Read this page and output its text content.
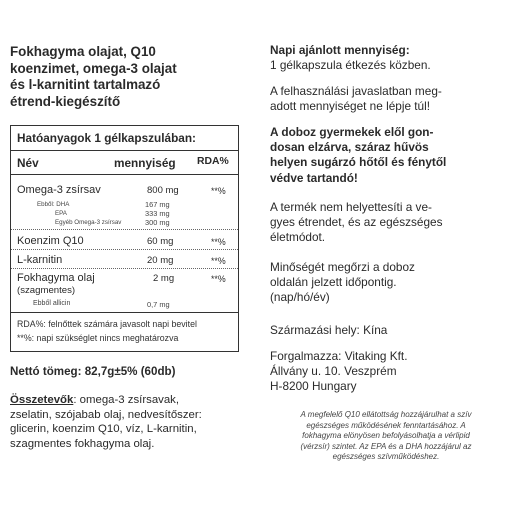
Fokhagyma olajat, Q10
koenzimet, omega-3 olajat
és l-karnitint tartalmazó
étrend-kiegészítő
Hatóanyagok 1 gélkapszulában:
Név	mennyiség RDA%
Omega-3 zsírsav	800 mg	**%
Ebből: DHA	167 mg
EPA	333 mg
Egyéb Omega-3 zsírsav	300 mg
Koenzim Q10	60 mg	**%
L-karnitin	20 mg	**%
Fokhagyma olaj	2 mg	**%
(szagmentes)
Ebből allicin	0,7 mg
RDA%: felnőttek számára javasolt napi bevitel
**%: napi szükséglet nincs meghatározva
Nettó tömeg: 82,7g±5% (60db)
Összetevők: omega-3 zsírsavak,
zselatin, szójabab olaj, nedvesítőszer:
glicerin, koenzim Q10, víz, L-karnitin,
szagmentes fokhagyma olaj.
Napi ajánlott mennyiség:
1 gélkapszula étkezés közben.
A felhasználási javaslatban meg-
adott mennyiséget ne lépje túl!
A doboz gyermekek elől gon-
dosan elzárva, száraz hűvös
helyen sugárzó hőtől és fénytől
védve tartandó!
A termék nem helyettesíti a ve-
gyes étrendet, és az egészséges
életmódot.
Minőségét megőrzi a doboz
oldalán jelzett időpontig.
(nap/hó/év)
Származási hely: Kína
Forgalmazza: Vitaking Kft.
Állvány u. 10. Veszprém
H-8200 Hungary
A megfelelő Q10 ellátottság hozzájárulhat a szív
egészséges működésének fenntartásához. A
fokhagyma elönyösen befolyásolhatja a vérlipid
(vérzsír) szintet. Az EPA és a DHA hozzájárul az
egészséges szívműködéshez.
